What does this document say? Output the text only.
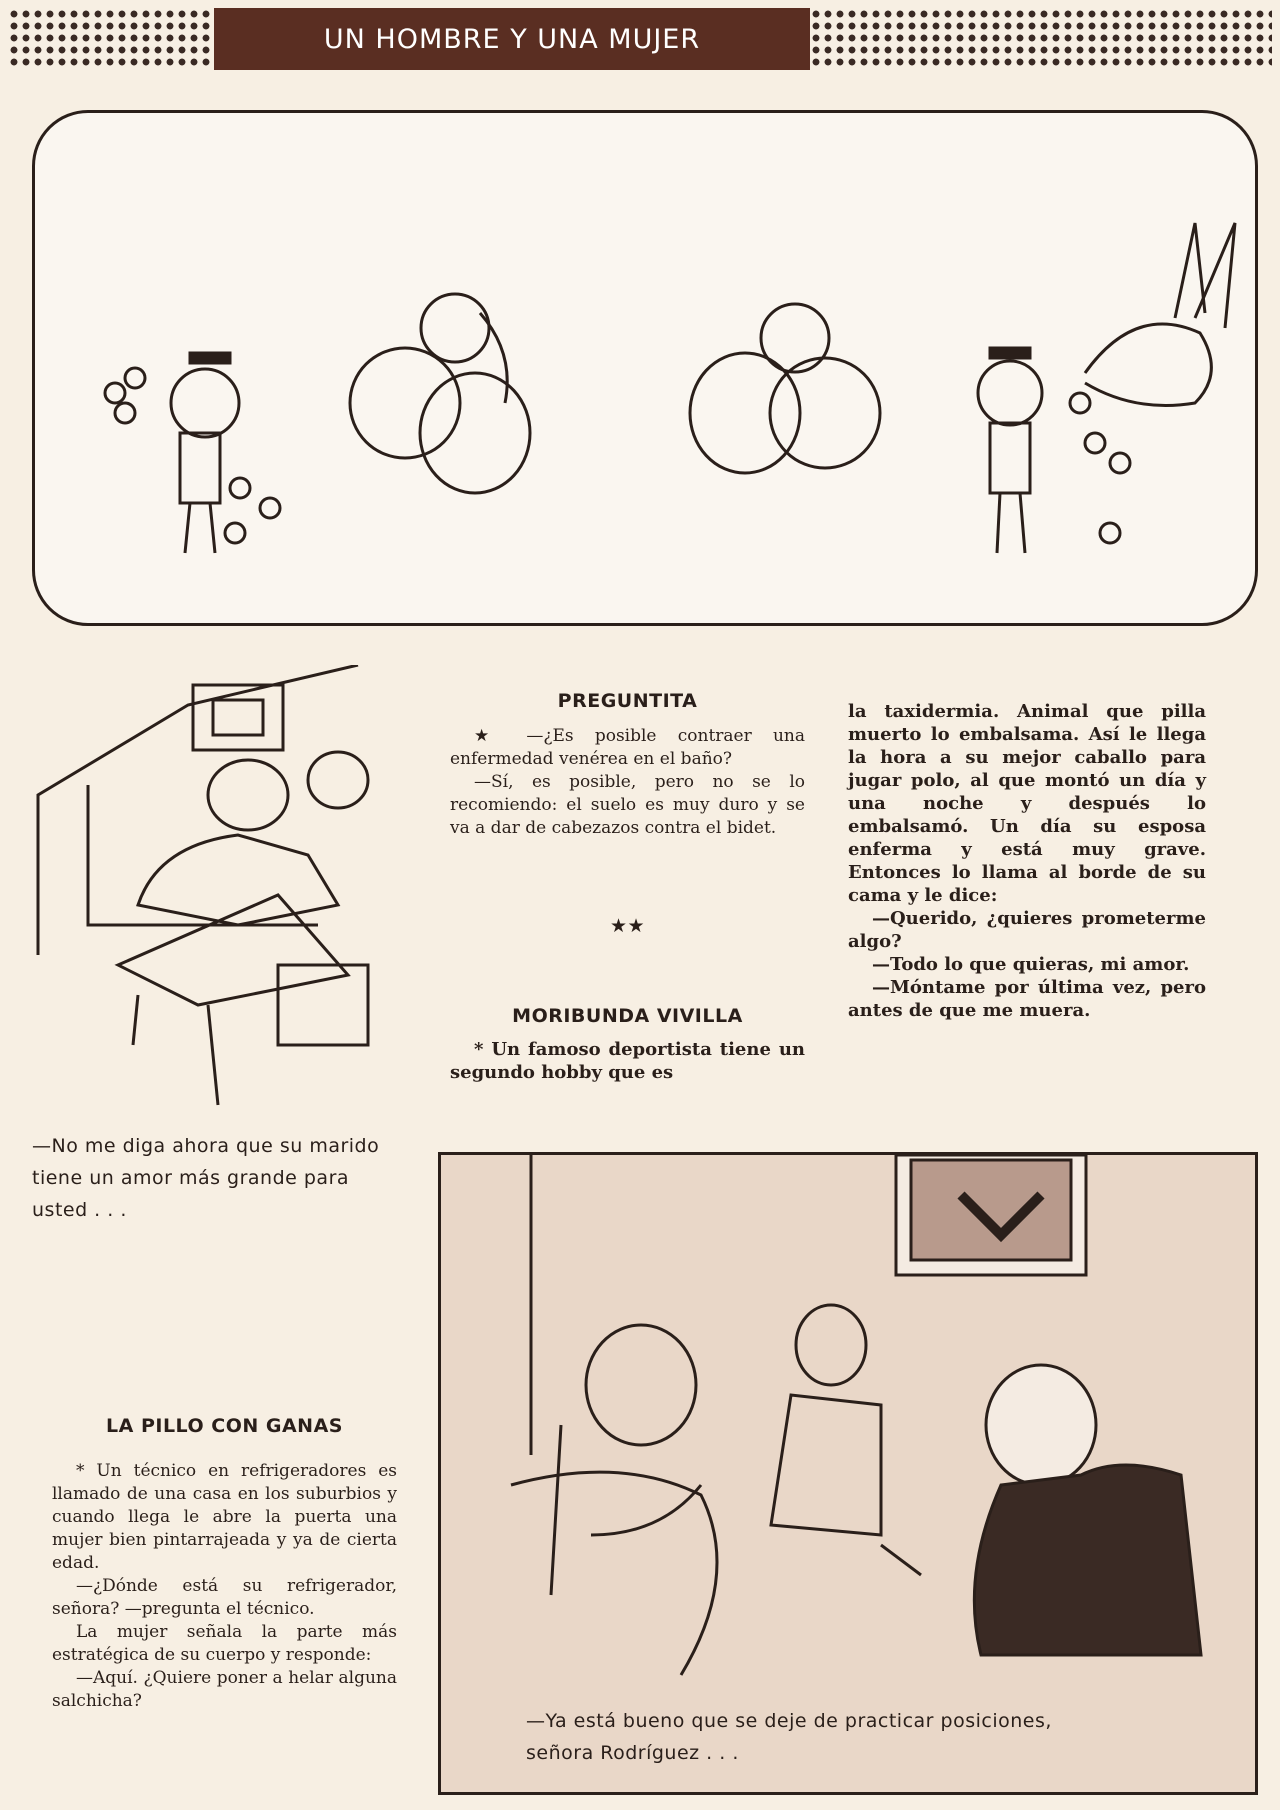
UN HOMBRE Y UNA MUJER
—No me diga ahora que su marido tiene un amor más grande para usted . . .
PREGUNTITA

★ —¿Es posible contraer una enfermedad venérea en el baño?

—Sí, es posible, pero no se lo recomiendo: el suelo es muy duro y se va a dar de cabezazos contra el bidet.

★★
MORIBUNDA VIVILLA

* Un famoso deportista tiene un segundo hobby que es

la taxidermia. Animal que pilla muerto lo embalsama. Así le llega la hora a su mejor caballo para jugar polo, al que montó un día y una noche y después lo embalsamó. Un día su esposa enferma y está muy grave. Entonces lo llama al borde de su cama y le dice:

—Querido, ¿quieres prometerme algo?

—Todo lo que quieras, mi amor.

—Móntame por última vez, pero antes de que me muera.

LA PILLO CON GANAS

* Un técnico en refrigeradores es llamado de una casa en los suburbios y cuando llega le abre la puerta una mujer bien pintarrajeada y ya de cierta edad.

—¿Dónde está su refrigerador, señora? —pregunta el técnico.

La mujer señala la parte más estratégica de su cuerpo y responde:

—Aquí. ¿Quiere poner a helar alguna salchicha?

—Ya está bueno que se deje de practicar posiciones,
señora Rodríguez . . .
